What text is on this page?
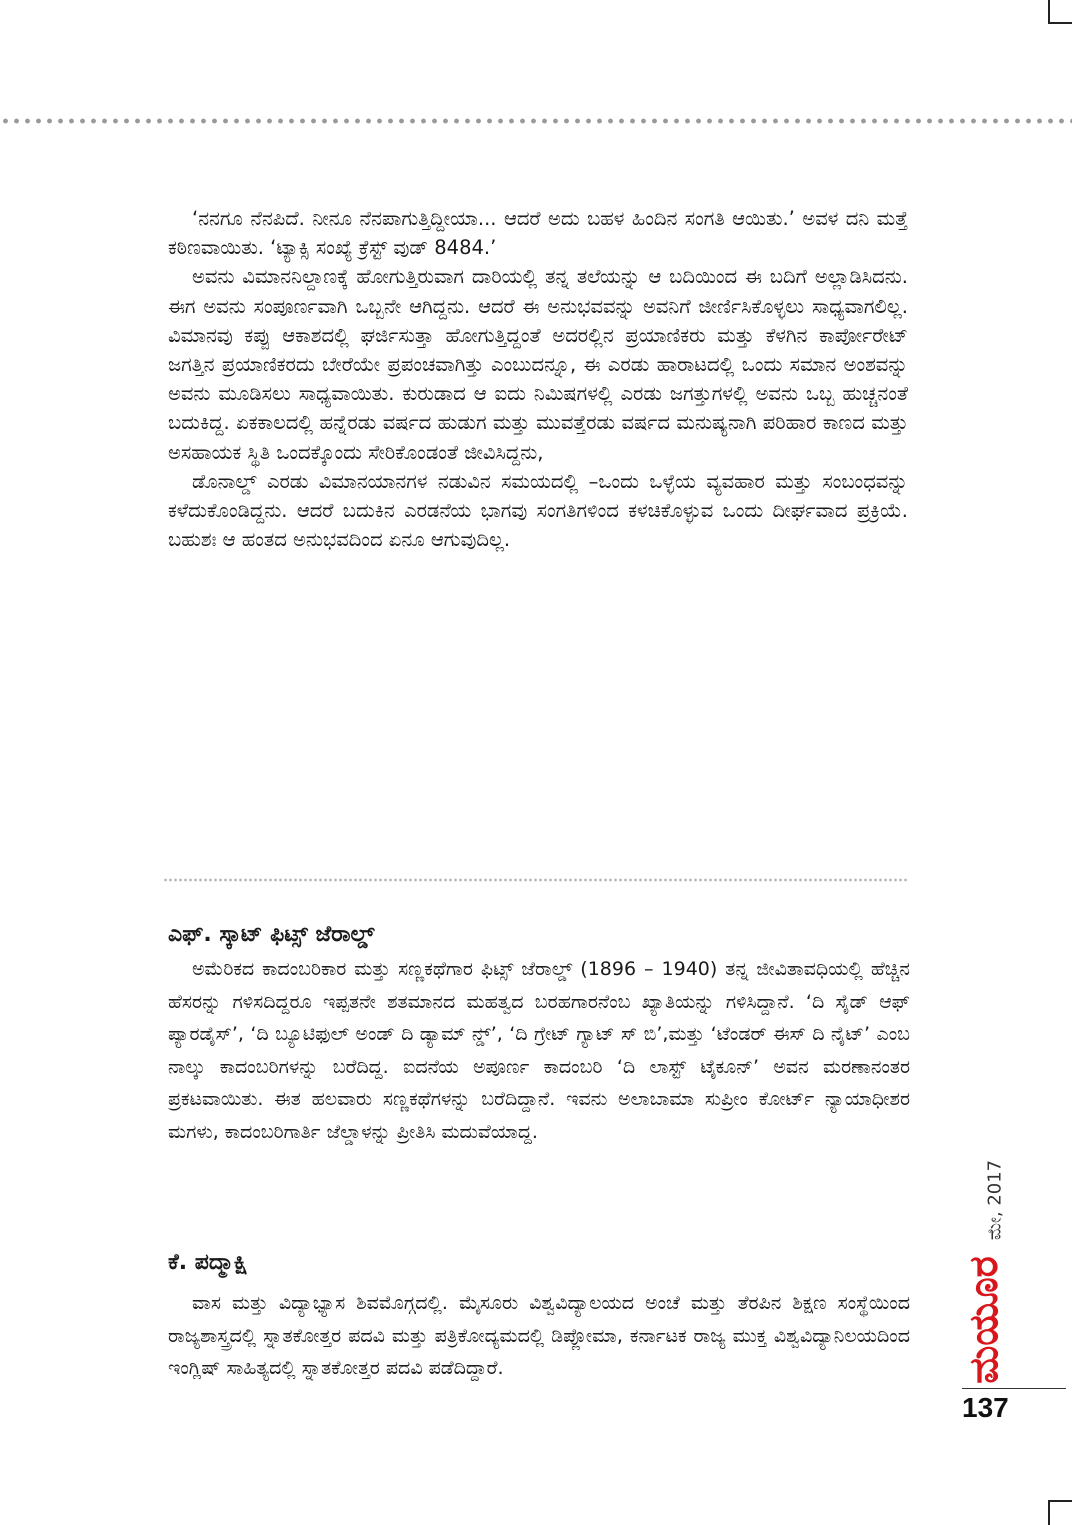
‘ನನಗೂ ನೆನಪಿದೆ. ನೀನೂ ನೆನಪಾಗುತ್ತಿದ್ದೀಯಾ... ಆದರೆ ಅದು ಬಹಳ ಹಿಂದಿನ ಸಂಗತಿ ಆಯಿತು.’ ಅವಳ ದನಿ ಮತ್ತೆ ಕಠಿಣವಾಯಿತು. ‘ಟ್ಯಾಕ್ಸಿ ಸಂಖ್ಯೆ ಕ್ರೆಸ್ಟ್ ವುಡ್ 8484.’

ಅವನು ವಿಮಾನನಿಲ್ದಾಣಕ್ಕೆ ಹೋಗುತ್ತಿರುವಾಗ ದಾರಿಯಲ್ಲಿ ತನ್ನ ತಲೆಯನ್ನು ಆ ಬದಿಯಿಂದ ಈ ಬದಿಗೆ ಅಲ್ಲಾಡಿಸಿದನು. ಈಗ ಅವನು ಸಂಪೂರ್ಣವಾಗಿ ಒಬ್ಬನೇ ಆಗಿದ್ದನು. ಆದರೆ ಈ ಅನುಭವವನ್ನು ಅವನಿಗೆ ಜೀರ್ಣಿಸಿಕೊಳ್ಳಲು ಸಾಧ್ಯವಾಗಲಿಲ್ಲ. ವಿಮಾನವು ಕಪ್ಪು ಆಕಾಶದಲ್ಲಿ ಘರ್ಜಿಸುತ್ತಾ ಹೋಗುತ್ತಿದ್ದಂತೆ ಅದರಲ್ಲಿನ ಪ್ರಯಾಣಿಕರು ಮತ್ತು ಕೆಳಗಿನ ಕಾರ್ಪೋರೇಟ್ ಜಗತ್ತಿನ ಪ್ರಯಾಣಿಕರದು ಬೇರೆಯೇ ಪ್ರಪಂಚವಾಗಿತ್ತು ಎಂಬುದನ್ನೂ, ಈ ಎರಡು ಹಾರಾಟದಲ್ಲಿ ಒಂದು ಸಮಾನ ಅಂಶವನ್ನು ಅವನು ಮೂಡಿಸಲು ಸಾಧ್ಯವಾಯಿತು. ಕುರುಡಾದ ಆ ಐದು ನಿಮಿಷಗಳಲ್ಲಿ ಎರಡು ಜಗತ್ತುಗಳಲ್ಲಿ ಅವನು ಒಬ್ಬ ಹುಚ್ಚನಂತೆ ಬದುಕಿದ್ದ. ಏಕಕಾಲದಲ್ಲಿ ಹನ್ನೆರಡು ವರ್ಷದ ಹುಡುಗ ಮತ್ತು ಮುವತ್ತೆರಡು ವರ್ಷದ ಮನುಷ್ಯನಾಗಿ ಪರಿಹಾರ ಕಾಣದ ಮತ್ತು ಅಸಹಾಯಕ ಸ್ಥಿತಿ ಒಂದಕ್ಕೊಂದು ಸೇರಿಕೊಂಡಂತೆ ಜೀವಿಸಿದ್ದನು,

ಡೊನಾಲ್ಡ್ ಎರಡು ವಿಮಾನಯಾನಗಳ ನಡುವಿನ ಸಮಯದಲ್ಲಿ –ಒಂದು ಒಳ್ಳೆಯ ವ್ಯವಹಾರ ಮತ್ತು ಸಂಬಂಧವನ್ನು ಕಳೆದುಕೊಂಡಿದ್ದನು. ಆದರೆ ಬದುಕಿನ ಎರಡನೆಯ ಭಾಗವು ಸಂಗತಿಗಳಿಂದ ಕಳಚಿಕೊಳ್ಳುವ ಒಂದು ದೀರ್ಘವಾದ ಪ್ರಕ್ರಿಯೆ. ಬಹುಶಃ ಆ ಹಂತದ ಅನುಭವದಿಂದ ಏನೂ ಆಗುವುದಿಲ್ಲ.

ಎಫ್. ಸ್ಕಾಟ್ ಫಿಟ್ಸ್ ಜೆರಾಲ್ಡ್

ಅಮೆರಿಕದ ಕಾದಂಬರಿಕಾರ ಮತ್ತು ಸಣ್ಣಕಥೆಗಾರ ಫಿಟ್ಸ್ ಜೆರಾಲ್ಡ್ (1896 – 1940) ತನ್ನ ಜೀವಿತಾವಧಿಯಲ್ಲಿ ಹೆಚ್ಚಿನ ಹೆಸರನ್ನು ಗಳಿಸದಿದ್ದರೂ ಇಪ್ಪತನೇ ಶತಮಾನದ ಮಹತ್ವದ ಬರಹಗಾರನೆಂಬ ಖ್ಯಾತಿಯನ್ನು ಗಳಿಸಿದ್ದಾನೆ. ‘ದಿ ಸೈಡ್ ಆಫ್ ಪ್ಯಾರಡೈಸ್’, ‘ದಿ ಬ್ಯೂಟಿಫುಲ್ ಅಂಡ್ ದಿ ಡ್ಯಾಮ್ ನ್ಡ್’, ‘ದಿ ಗ್ರೇಟ್ ಗ್ಯಾಟ್ ಸ್ ಬಿ’,ಮತ್ತು ‘ಟೆಂಡರ್ ಈಸ್ ದಿ ನೈಟ್’ ಎಂಬ ನಾಲ್ಕು ಕಾದಂಬರಿಗಳನ್ನು ಬರೆದಿದ್ದ. ಐದನೆಯ ಅಪೂರ್ಣ ಕಾದಂಬರಿ ‘ದಿ ಲಾಸ್ಟ್ ಟೈಕೂನ್’ ಅವನ ಮರಣಾನಂತರ ಪ್ರಕಟವಾಯಿತು. ಈತ ಹಲವಾರು ಸಣ್ಣಕಥೆಗಳನ್ನು ಬರೆದಿದ್ದಾನೆ. ಇವನು ಅಲಾಬಾಮಾ ಸುಪ್ರೀಂ ಕೋರ್ಟ್ ನ್ಯಾಯಾಧೀಶರ ಮಗಳು, ಕಾದಂಬರಿಗಾರ್ತಿ ಜೆಲ್ಡಾಳನ್ನು ಪ್ರೀತಿಸಿ ಮದುವೆಯಾದ್ದ.

ಕೆ. ಪದ್ಮಾಕ್ಷಿ

ವಾಸ ಮತ್ತು ವಿದ್ಯಾಭ್ಯಾಸ ಶಿವಮೊಗ್ಗದಲ್ಲಿ. ಮೈಸೂರು ವಿಶ್ವವಿದ್ಯಾಲಯದ ಅಂಚೆ ಮತ್ತು ತೆರಪಿನ ಶಿಕ್ಷಣ ಸಂಸ್ಥೆಯಿಂದ ರಾಜ್ಯಶಾಸ್ತ್ರದಲ್ಲಿ ಸ್ನಾತಕೋತ್ತರ ಪದವಿ ಮತ್ತು ಪತ್ರಿಕೋದ್ಯಮದಲ್ಲಿ ಡಿಪ್ಲೋಮಾ, ಕರ್ನಾಟಕ ರಾಜ್ಯ ಮುಕ್ತ ವಿಶ್ವವಿದ್ಯಾನಿಲಯದಿಂದ ಇಂಗ್ಲಿಷ್ ಸಾಹಿತ್ಯದಲ್ಲಿ ಸ್ನಾತಕೋತ್ತರ ಪದವಿ ಪಡೆದಿದ್ದಾರೆ.

ಮೇ, 2017
ಮಯೂರ

137
